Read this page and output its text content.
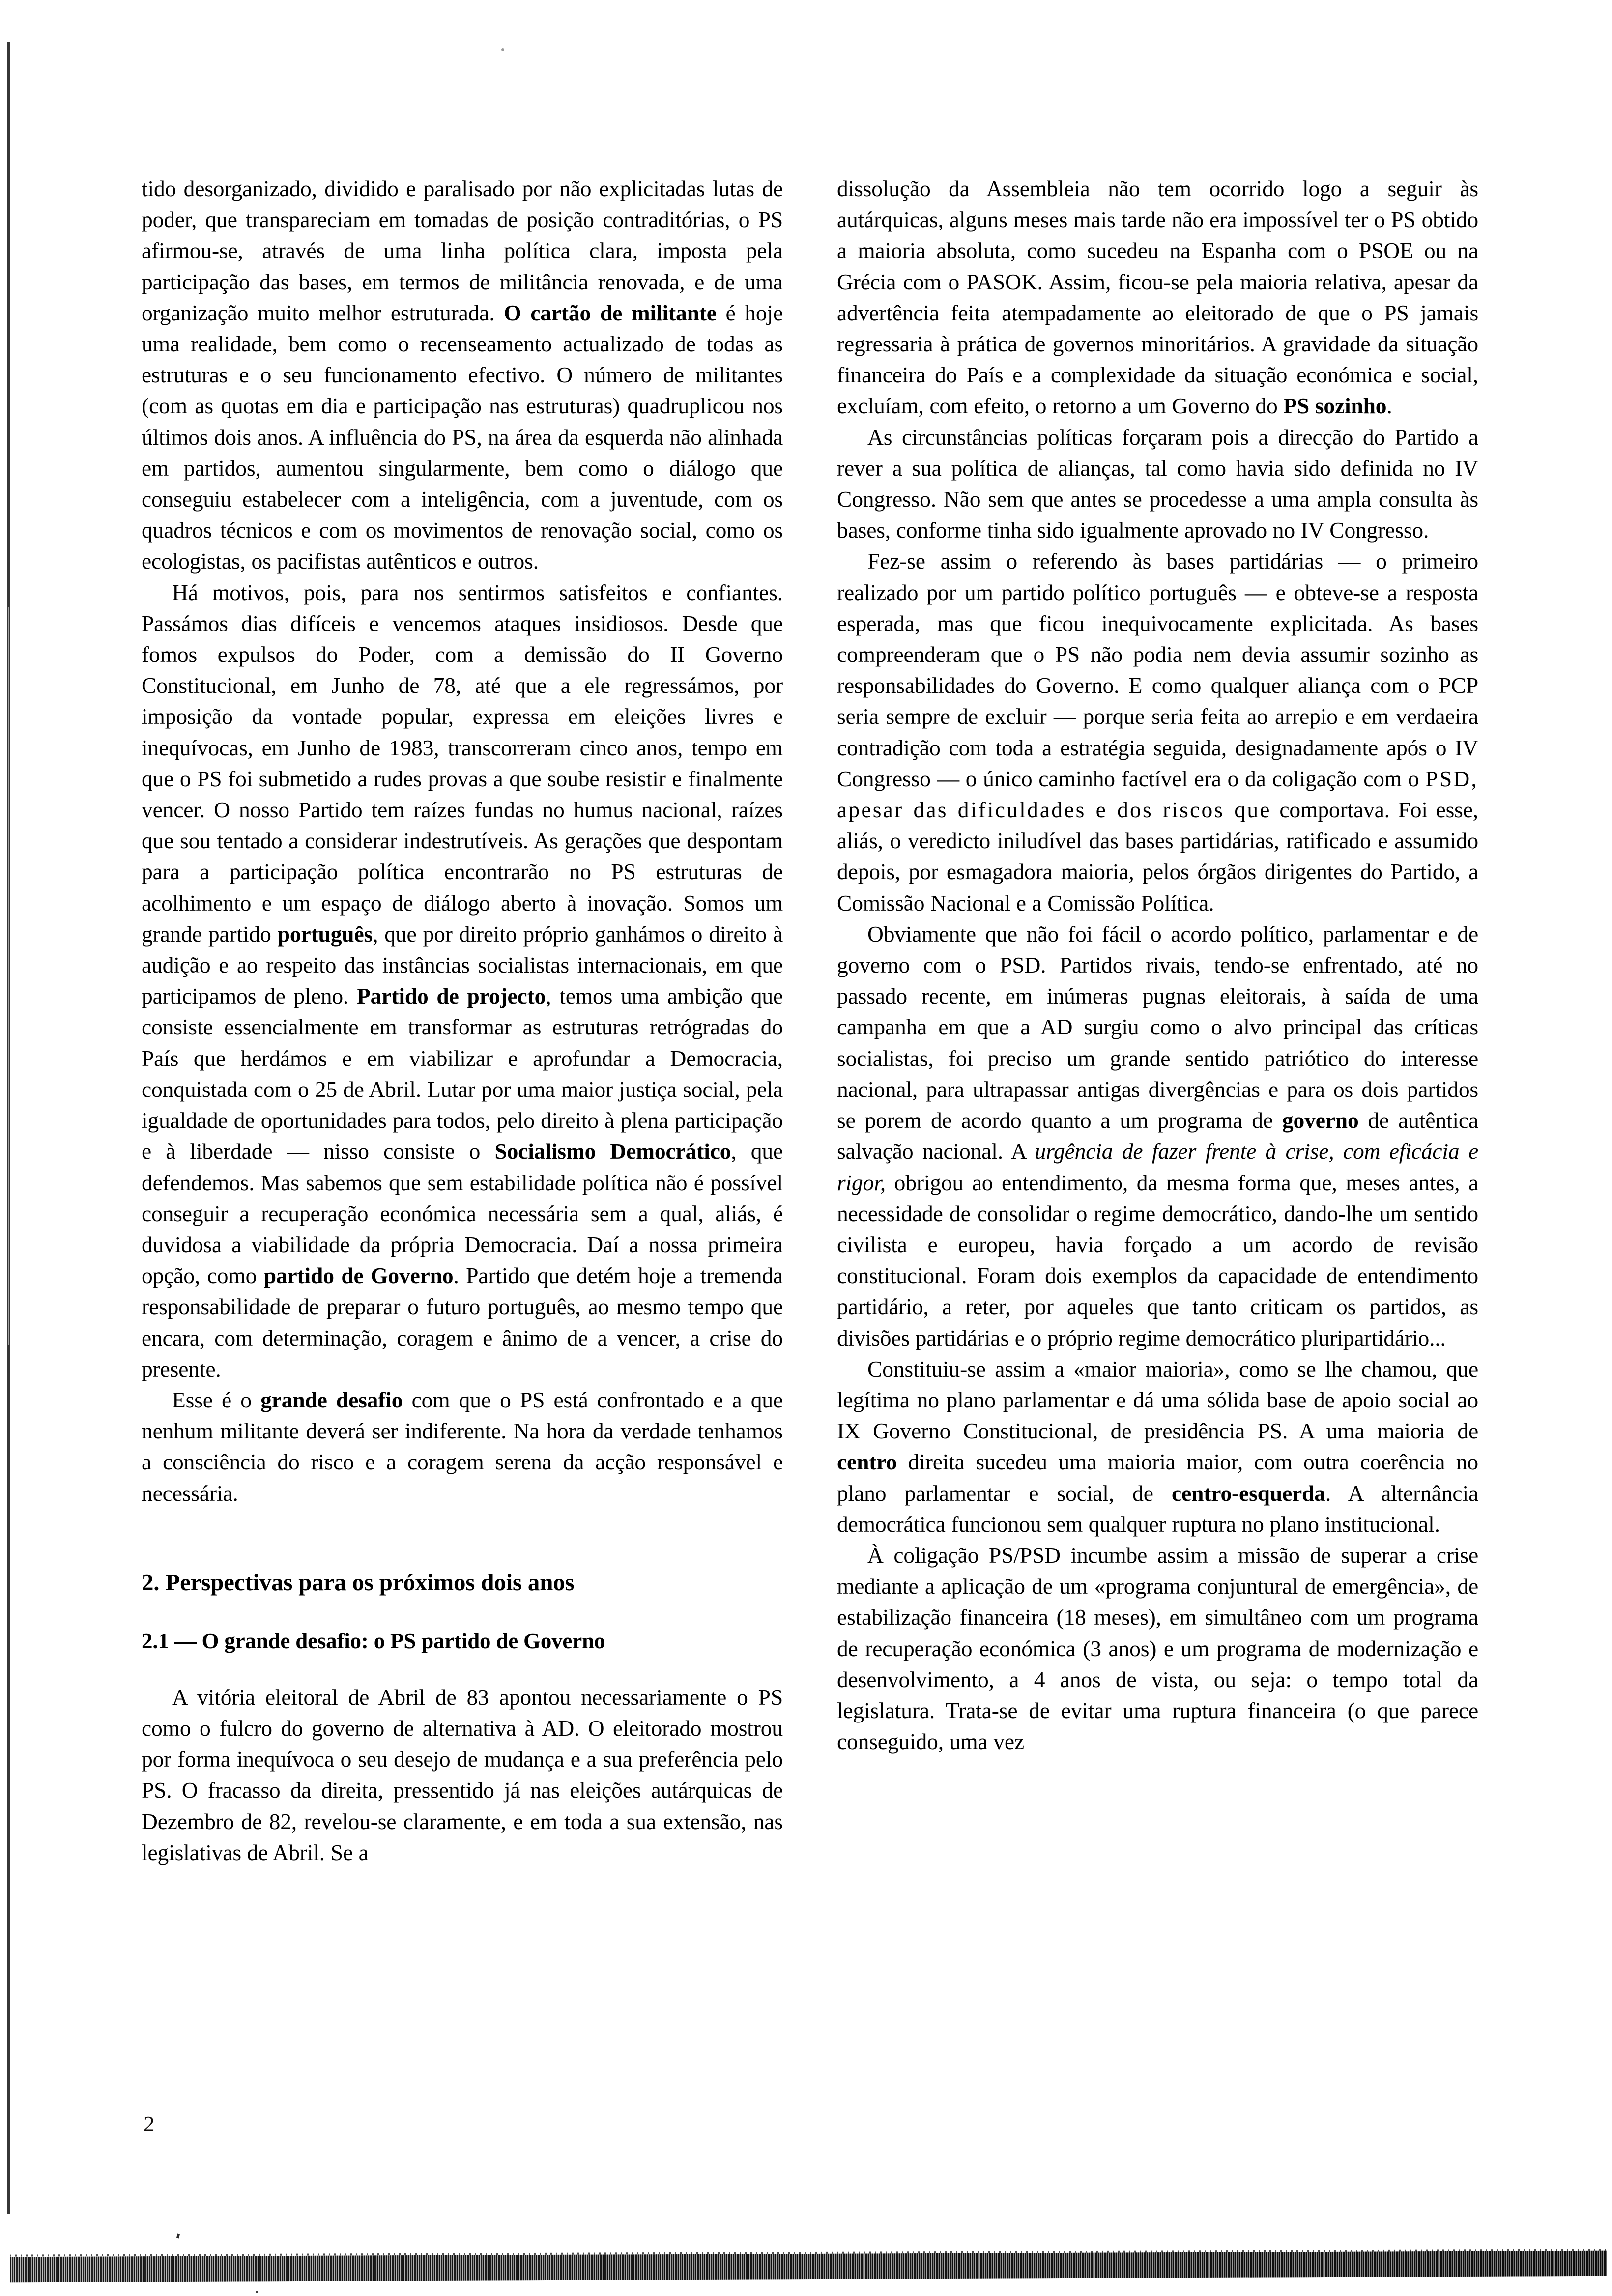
tido desorganizado, dividido e paralisado por não explicitadas lutas de poder, que transpareciam em tomadas de posição contraditórias, o PS afirmou-se, através de uma linha política clara, imposta pela participação das bases, em termos de militância renovada, e de uma organização muito melhor estruturada. O cartão de militante é hoje uma realidade, bem como o recenseamento actualizado de todas as estruturas e o seu funcionamento efectivo. O número de militantes (com as quotas em dia e participação nas estruturas) quadruplicou nos últimos dois anos. A influência do PS, na área da esquerda não alinhada em partidos, aumentou singularmente, bem como o diálogo que conseguiu estabelecer com a inteligência, com a juventude, com os quadros técnicos e com os movimentos de renovação social, como os ecologistas, os pacifistas autênticos e outros.

Há motivos, pois, para nos sentirmos satisfeitos e confiantes. Passámos dias difíceis e vencemos ataques insidiosos. Desde que fomos expulsos do Poder, com a demissão do II Governo Constitucional, em Junho de 78, até que a ele regressámos, por imposição da vontade popular, expressa em eleições livres e inequívocas, em Junho de 1983, transcorreram cinco anos, tempo em que o PS foi submetido a rudes provas a que soube resistir e finalmente vencer. O nosso Partido tem raízes fundas no humus nacional, raízes que sou tentado a considerar indestrutíveis. As gerações que despontam para a participação política encontrarão no PS estruturas de acolhimento e um espaço de diálogo aberto à inovação. Somos um grande partido português, que por direito próprio ganhámos o direito à audição e ao respeito das instâncias socialistas internacionais, em que participamos de pleno. Partido de projecto, temos uma ambição que consiste essencialmente em transformar as estruturas retrógradas do País que herdámos e em viabilizar e aprofundar a Democracia, conquistada com o 25 de Abril. Lutar por uma maior justiça social, pela igualdade de oportunidades para todos, pelo direito à plena participação e à liberdade — nisso consiste o Socialismo Democrático, que defendemos. Mas sabemos que sem estabilidade política não é possível conseguir a recuperação económica necessária sem a qual, aliás, é duvidosa a viabilidade da própria Democracia. Daí a nossa primeira opção, como partido de Governo. Partido que detém hoje a tremenda responsabilidade de preparar o futuro português, ao mesmo tempo que encara, com determinação, coragem e ânimo de a vencer, a crise do presente.

Esse é o grande desafio com que o PS está confrontado e a que nenhum militante deverá ser indiferente. Na hora da verdade tenhamos a consciência do risco e a coragem serena da acção responsável e necessária.

2. Perspectivas para os próximos dois anos
2.1 — O grande desafio: o PS partido de Governo

A vitória eleitoral de Abril de 83 apontou necessariamente o PS como o fulcro do governo de alternativa à AD. O eleitorado mostrou por forma inequívoca o seu desejo de mudança e a sua preferência pelo PS. O fracasso da direita, pressentido já nas eleições autárquicas de Dezembro de 82, revelou-se claramente, e em toda a sua extensão, nas legislativas de Abril. Se a

dissolução da Assembleia não tem ocorrido logo a seguir às autárquicas, alguns meses mais tarde não era impossível ter o PS obtido a maioria absoluta, como sucedeu na Espanha com o PSOE ou na Grécia com o PASOK. Assim, ficou-se pela maioria relativa, apesar da advertência feita atempadamente ao eleitorado de que o PS jamais regressaria à prática de governos minoritários. A gravidade da situação financeira do País e a complexidade da situação económica e social, excluíam, com efeito, o retorno a um Governo do PS sozinho.

As circunstâncias políticas forçaram pois a direcção do Partido a rever a sua política de alianças, tal como havia sido definida no IV Congresso. Não sem que antes se procedesse a uma ampla consulta às bases, conforme tinha sido igualmente aprovado no IV Congresso.

Fez-se assim o referendo às bases partidárias — o primeiro realizado por um partido político português — e obteve-se a resposta esperada, mas que ficou inequivocamente explicitada. As bases compreenderam que o PS não podia nem devia assumir sozinho as responsabilidades do Governo. E como qualquer aliança com o PCP seria sempre de excluir — porque seria feita ao arrepio e em verdaeira contradição com toda a estratégia seguida, designadamente após o IV Congresso — o único caminho factível era o da coligação com o PSD, apesar das dificuldades e dos riscos que comportava. Foi esse, aliás, o veredicto iniludível das bases partidárias, ratificado e assumido depois, por esmagadora maioria, pelos órgãos dirigentes do Partido, a Comissão Nacional e a Comissão Política.

Obviamente que não foi fácil o acordo político, parlamentar e de governo com o PSD. Partidos rivais, tendo-se enfrentado, até no passado recente, em inúmeras pugnas eleitorais, à saída de uma campanha em que a AD surgiu como o alvo principal das críticas socialistas, foi preciso um grande sentido patriótico do interesse nacional, para ultrapassar antigas divergências e para os dois partidos se porem de acordo quanto a um programa de governo de autêntica salvação nacional. A urgência de fazer frente à crise, com eficácia e rigor, obrigou ao entendimento, da mesma forma que, meses antes, a necessidade de consolidar o regime democrático, dando-lhe um sentido civilista e europeu, havia forçado a um acordo de revisão constitucional. Foram dois exemplos da capacidade de entendimento partidário, a reter, por aqueles que tanto criticam os partidos, as divisões partidárias e o próprio regime democrático pluripartidário...

Constituiu-se assim a «maior maioria», como se lhe chamou, que legítima no plano parlamentar e dá uma sólida base de apoio social ao IX Governo Constitucional, de presidência PS. A uma maioria de centro direita sucedeu uma maioria maior, com outra coerência no plano parlamentar e social, de centro-esquerda. A alternância democrática funcionou sem qualquer ruptura no plano institucional.

À coligação PS/PSD incumbe assim a missão de superar a crise mediante a aplicação de um «programa conjuntural de emergência», de estabilização financeira (18 meses), em simultâneo com um programa de recuperação económica (3 anos) e um programa de modernização e desenvolvimento, a 4 anos de vista, ou seja: o tempo total da legislatura. Trata-se de evitar uma ruptura financeira (o que parece conseguido, uma vez

2
